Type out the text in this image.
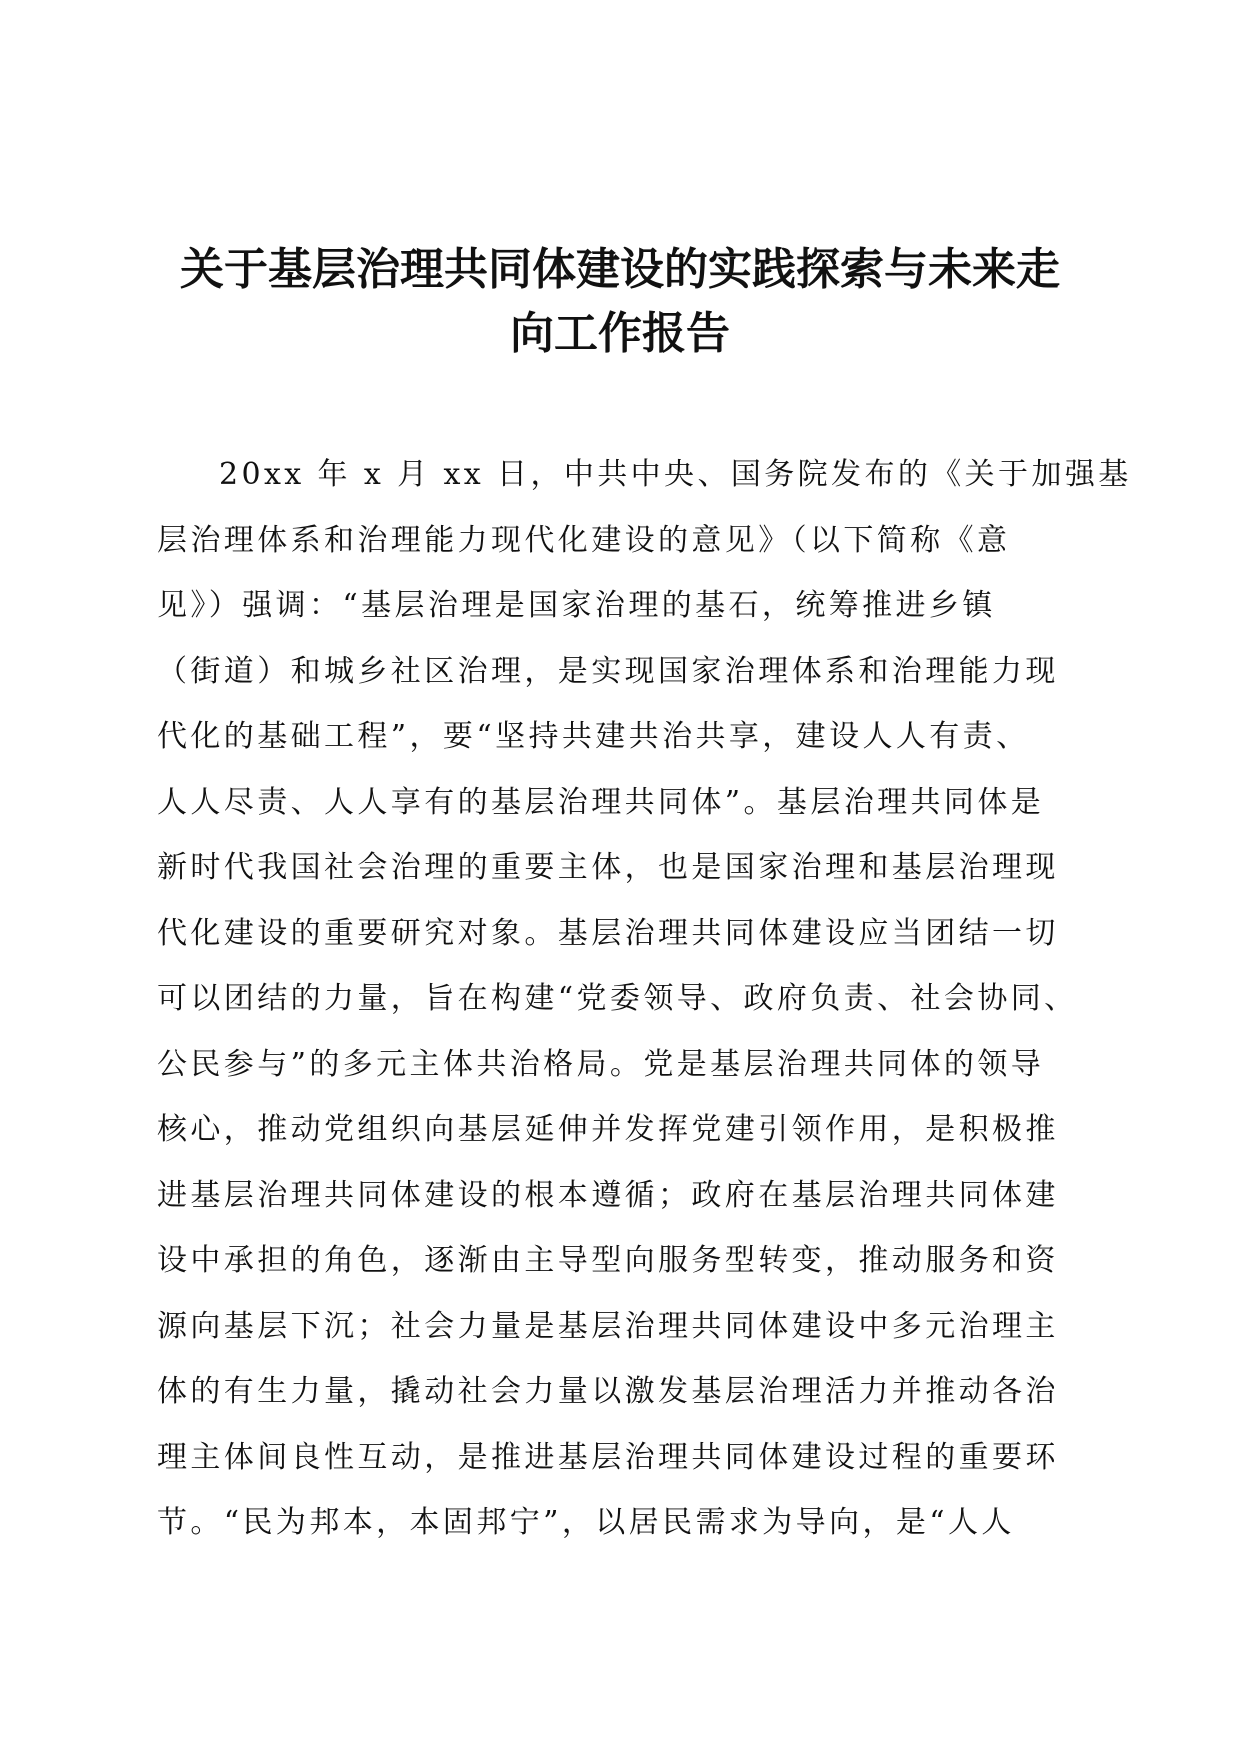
关于基层治理共同体建设的实践探索与未来走
向工作报告
20xx 年 x 月 xx 日，中共中央、国务院发布的《关于加强基
层治理体系和治理能力现代化建设的意见》（以下简称《意
见》）强调：“基层治理是国家治理的基石，统筹推进乡镇
（街道）和城乡社区治理，是实现国家治理体系和治理能力现
代化的基础工程”，要“坚持共建共治共享，建设人人有责、
人人尽责、人人享有的基层治理共同体”。基层治理共同体是
新时代我国社会治理的重要主体，也是国家治理和基层治理现
代化建设的重要研究对象。基层治理共同体建设应当团结一切
可以团结的力量，旨在构建“党委领导、政府负责、社会协同、
公民参与”的多元主体共治格局。党是基层治理共同体的领导
核心，推动党组织向基层延伸并发挥党建引领作用，是积极推
进基层治理共同体建设的根本遵循；政府在基层治理共同体建
设中承担的角色，逐渐由主导型向服务型转变，推动服务和资
源向基层下沉；社会力量是基层治理共同体建设中多元治理主
体的有生力量，撬动社会力量以激发基层治理活力并推动各治
理主体间良性互动，是推进基层治理共同体建设过程的重要环
节。“民为邦本，本固邦宁”，以居民需求为导向，是“人人
